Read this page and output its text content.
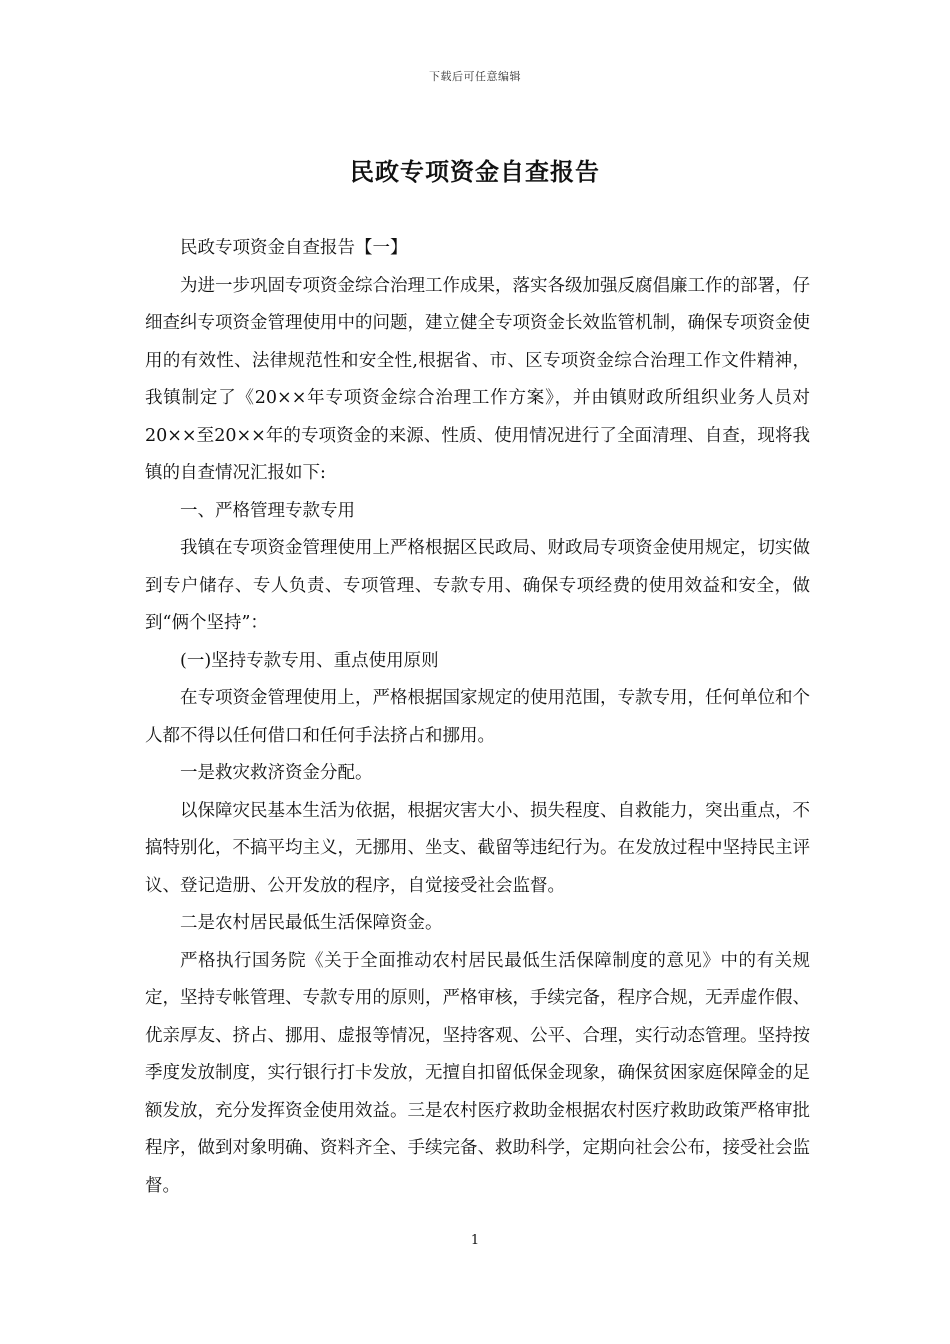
下载后可任意编辑
民政专项资金自查报告

民政专项资金自查报告【一】

为进一步巩固专项资金综合治理工作成果，落实各级加强反腐倡廉工作的部署，仔细查纠专项资金管理使用中的问题，建立健全专项资金长效监管机制，确保专项资金使用的有效性、法律规范性和安全性,根据省、市、区专项资金综合治理工作文件精神，我镇制定了《20××年专项资金综合治理工作方案》，并由镇财政所组织业务人员对20××至20××年的专项资金的来源、性质、使用情况进行了全面清理、自查，现将我镇的自查情况汇报如下:

一、严格管理专款专用

我镇在专项资金管理使用上严格根据区民政局、财政局专项资金使用规定，切实做到专户储存、专人负责、专项管理、专款专用、确保专项经费的使用效益和安全，做到“俩个坚持”：

(一)坚持专款专用、重点使用原则

在专项资金管理使用上，严格根据国家规定的使用范围，专款专用，任何单位和个人都不得以任何借口和任何手法挤占和挪用。

一是救灾救济资金分配。

以保障灾民基本生活为依据，根据灾害大小、损失程度、自救能力，突出重点，不搞特别化，不搞平均主义，无挪用、坐支、截留等违纪行为。在发放过程中坚持民主评议、登记造册、公开发放的程序，自觉接受社会监督。

二是农村居民最低生活保障资金。

严格执行国务院《关于全面推动农村居民最低生活保障制度的意见》中的有关规定，坚持专帐管理、专款专用的原则，严格审核，手续完备，程序合规，无弄虚作假、优亲厚友、挤占、挪用、虚报等情况，坚持客观、公平、合理，实行动态管理。坚持按季度发放制度，实行银行打卡发放，无擅自扣留低保金现象，确保贫困家庭保障金的足额发放，充分发挥资金使用效益。三是农村医疗救助金根据农村医疗救助政策严格审批程序，做到对象明确、资料齐全、手续完备、救助科学，定期向社会公布，接受社会监督。

1
